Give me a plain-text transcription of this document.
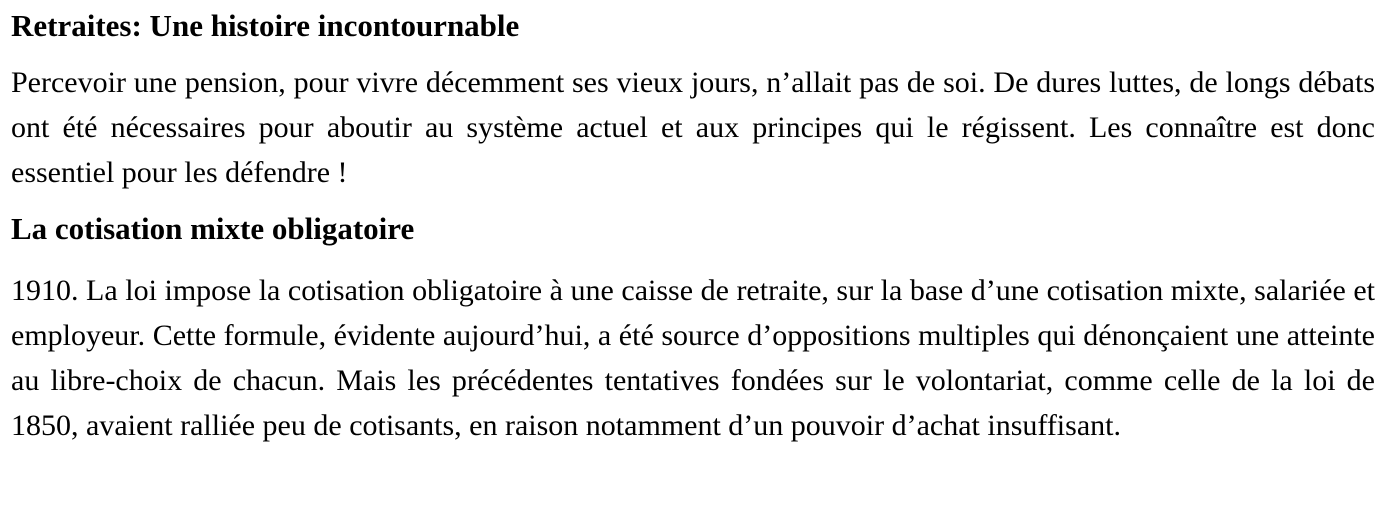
Retraites: Une histoire incontournable

Percevoir une pension, pour vivre décemment ses vieux jours, n’allait pas de soi. De dures luttes, de longs débats ont été nécessaires pour aboutir au système actuel et aux principes qui le régissent. Les connaître est donc essentiel pour les défendre !

La cotisation mixte obligatoire

1910. La loi impose la cotisation obligatoire à une caisse de retraite, sur la base d’une cotisation mixte, salariée et employeur. Cette formule, évidente aujourd’hui, a été source d’oppositions multiples qui dénonçaient une atteinte au libre-choix de chacun. Mais les précédentes tentatives fondées sur le volontariat, comme celle de la loi de 1850, avaient ralliée peu de cotisants, en raison notamment d’un pouvoir d’achat insuffisant.
